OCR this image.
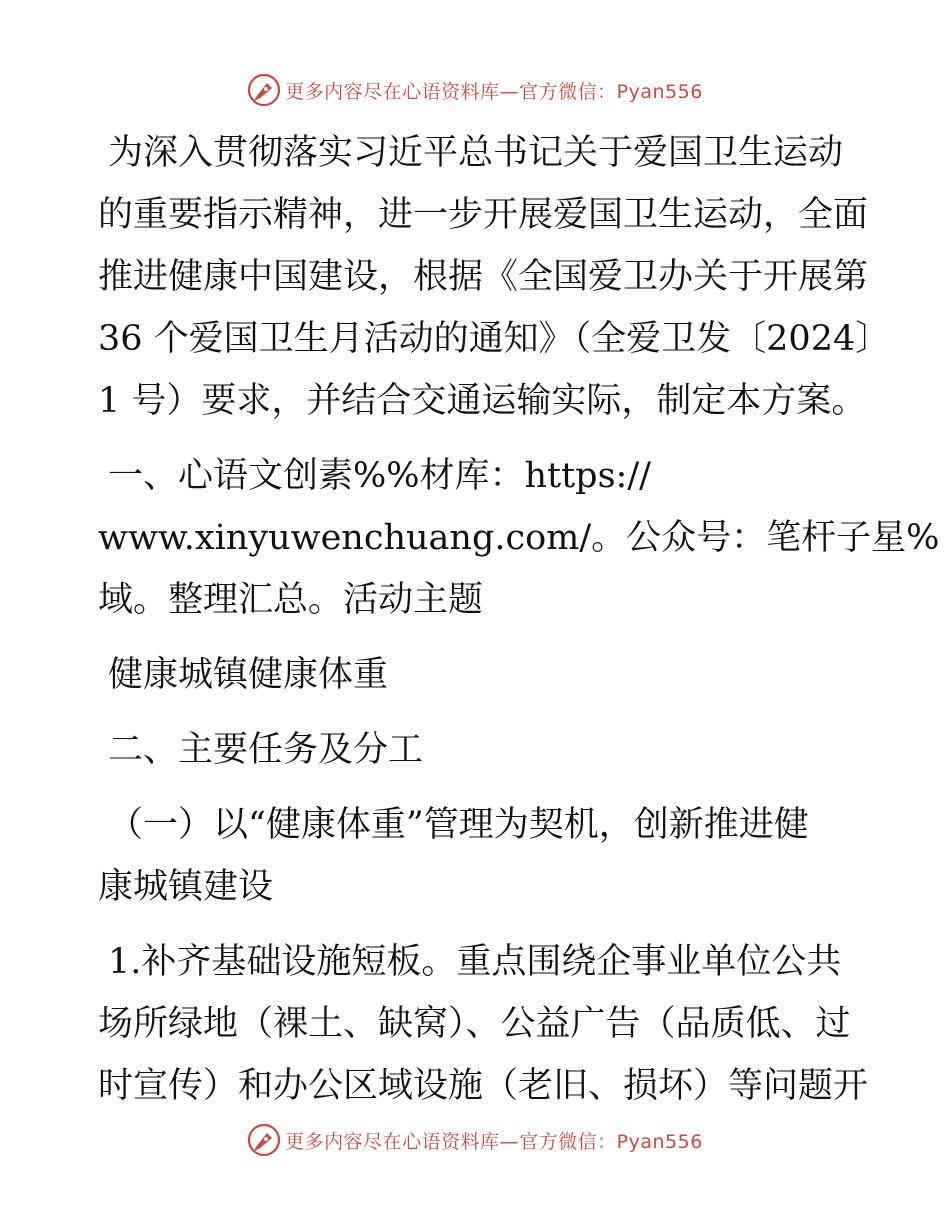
更多内容尽在心语资料库—官方微信：Pyan556
为深入贯彻落实习近平总书记关于爱国卫生运动
的重要指示精神，进一步开展爱国卫生运动，全面
推进健康中国建设，根据《全国爱卫办关于开展第
36 个爱国卫生月活动的通知》（全爱卫发〔2024〕
1 号）要求，并结合交通运输实际，制定本方案。
一、心语文创素%%材库：https://
www.xinyuwenchuang.com/。公众号：笔杆子星%
域。整理汇总。活动主题
健康城镇健康体重
二、主要任务及分工
（一）以“健康体重”管理为契机，创新推进健
康城镇建设
1.补齐基础设施短板。重点围绕企事业单位公共
场所绿地（裸土、缺窝）、公益广告（品质低、过
时宣传）和办公区域设施（老旧、损坏）等问题开
更多内容尽在心语资料库—官方微信：Pyan556
